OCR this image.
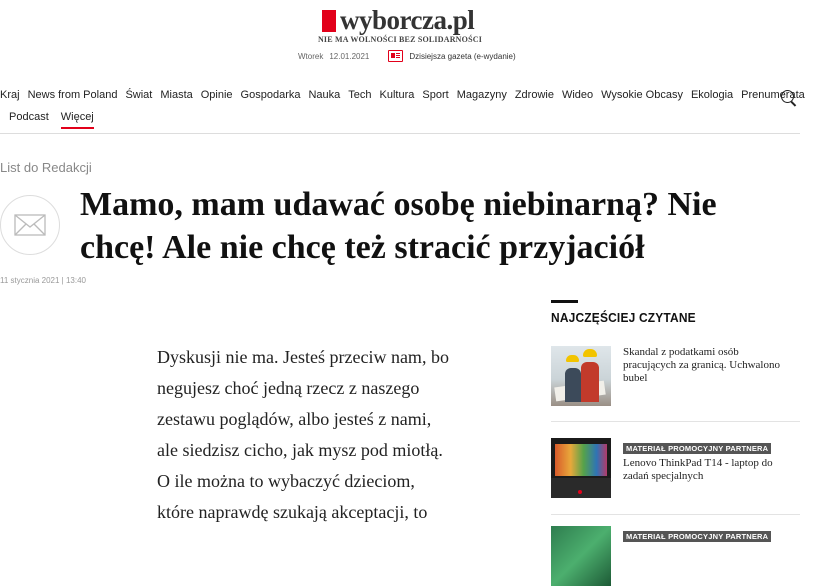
wyborcza.pl
NIE MA WOLNOŚCI BEZ SOLIDARNOŚCI
Wtorek 12.01.2021	Dzisiejsza gazeta (e-wydanie)
Kraj News from Poland Świat Miasta Opinie Gospodarka Nauka Tech Kultura Sport Magazyny Zdrowie Wideo Wysokie Obcasy Ekologia Prenumerata
Podcast Więcej
List do Redakcji
Mamo, mam udawać osobę niebinarną? Nie chcę! Ale nie chcę też stracić przyjaciół
11 stycznia 2021 | 13:40
Dyskusji nie ma. Jesteś przeciw nam, bo
negujesz choć jedną rzecz z naszego
zestawu poglądów, albo jesteś z nami,
ale siedzisz cicho, jak mysz pod miotłą.
O ile można to wybaczyć dzieciom,
które naprawdę szukają akceptacji, to
NAJCZĘŚCIEJ CZYTANE
Skandal z podatkami osób pracujących za granicą. Uchwalono bubel
MATERIAŁ PROMOCYJNY PARTNERA
Lenovo ThinkPad T14 - laptop do zadań specjalnych
MATERIAŁ PROMOCYJNY PARTNERA
